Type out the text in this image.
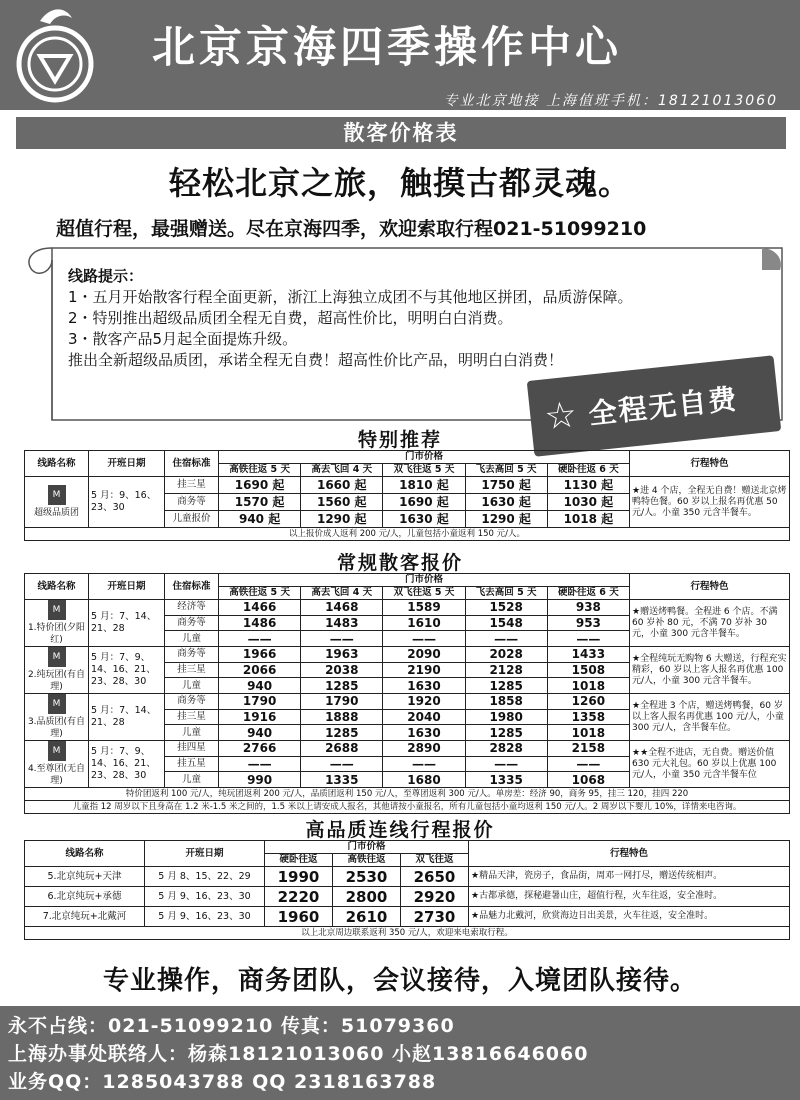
北京京海四季操作中心
专业北京地接 上海值班手机：18121013060
散客价格表
轻松北京之旅，触摸古都灵魂。
超值行程，最强赠送。尽在京海四季，欢迎索取行程021-51099210
线路提示：
1・五月开始散客行程全面更新，浙江上海独立成团不与其他地区拼团，品质游保障。
2・特别推出超级品质团全程无自费，超高性价比，明明白白消费。
3・散客产品5月起全面提炼升级。
推出全新超级品质团，承诺全程无自费！超高性价比产品，明明白白消费！
☆ 全程无自费
特别推荐
线路名称	开班日期	住宿标准	门市价格					行程特色
			高铁往返 5 天	高去飞回 4 天	双飞往返 5 天	飞去高回 5 天	硬卧往返 6 天	
M
超级品质团	5 月：9、16、23、30	挂三星	1690 起	1660 起	1810 起	1750 起	1130 起	★进 4 个店，全程无自费！赠送北京烤鸭特色餐。60 岁以上报名再优惠 50 元/人。小童 350 元含半餐车。
		商务等	1570 起	1560 起	1690 起	1630 起	1030 起	
		儿童报价	940 起	1290 起	1630 起	1290 起	1018 起	
以上报价成人返利 200 元/人，儿童包括小童返利 150 元/人。								
常规散客报价
线路名称	开班日期	住宿标准	门市价格					行程特色
			高铁往返 5 天	高去飞回 4 天	双飞往返 5 天	飞去高回 5 天	硬卧往返 6 天	
M
1.特价团(夕阳红)	5 月：7、14、21、28	经济等	1466	1468	1589	1528	938	★赠送烤鸭餐。全程进 6 个店。不满 60 岁补 80 元，不满 70 岁补 30 元，小童 300 元含半餐车。
		商务等	1486	1483	1610	1548	953	
		儿童	——	——	——	——	——	
M
2.纯玩团(有自理)	5 月：7、9、14、16、21、23、28、30	商务等	1966	1963	2090	2028	1433	★全程纯玩无购物 6 大赠送，行程充实精彩，60 岁以上客人报名再优惠 100 元/人，小童 300 元含半餐车。
		挂三星	2066	2038	2190	2128	1508	
		儿童	940	1285	1630	1285	1018	
M
3.品质团(有自理)	5 月：7、14、21、28	商务等	1790	1790	1920	1858	1260	★全程进 3 个店，赠送烤鸭餐，60 岁以上客人报名再优惠 100 元/人，小童 300 元/人，含半餐车位。
		挂三星	1916	1888	2040	1980	1358	
		儿童	940	1285	1630	1285	1018	
M
4.至尊团(无自理)	5 月：7、9、14、16、21、23、28、30	挂四星	2766	2688	2890	2828	2158	★★全程不进店，无自费。赠送价值 630 元大礼包。60 岁以上优惠 100 元/人，小童 350 元含半餐车位
		挂五星	——	——	——	——	——	
		儿童	990	1335	1680	1335	1068	
特价团返利 100 元/人，纯玩团返利 200 元/人，品质团返利 150 元/人，至尊团返利 300 元/人。单房差：经济 90，商务 95，挂三 120，挂四 220								
儿童指 12 周岁以下且身高在 1.2 米-1.5 米之间的，1.5 米以上请安成人报名，其他请按小童报名，所有儿童包括小童均返利 150 元/人。2 周岁以下婴儿 10%，详情来电咨询。								
高品质连线行程报价
线路名称	开班日期	门市价格			行程特色
		硬卧往返	高铁往返	双飞往返	
5.北京纯玩+天津	5 月 8、15、22、29	1990	2530	2650	★精品天津，瓷房子，食品街，周邓一网打尽，赠送传统相声。
6.北京纯玩+承德	5 月 9、16、23、30	2220	2800	2920	★古都承德，探秘避暑山庄，超值行程，火车往返，安全准时。
7.北京纯玩+北戴河	5 月 9、16、23、30	1960	2610	2730	★品魅力北戴河，欣赏海边日出美景，火车往返，安全准时。
以上北京周边联系返利 350 元/人，欢迎来电索取行程。					
专业操作，商务团队，会议接待，入境团队接待。
永不占线：021-51099210 传真：51079360
上海办事处联络人：杨森18121013060 小赵13816646060
业务QQ：1285043788 QQ 2318163788
